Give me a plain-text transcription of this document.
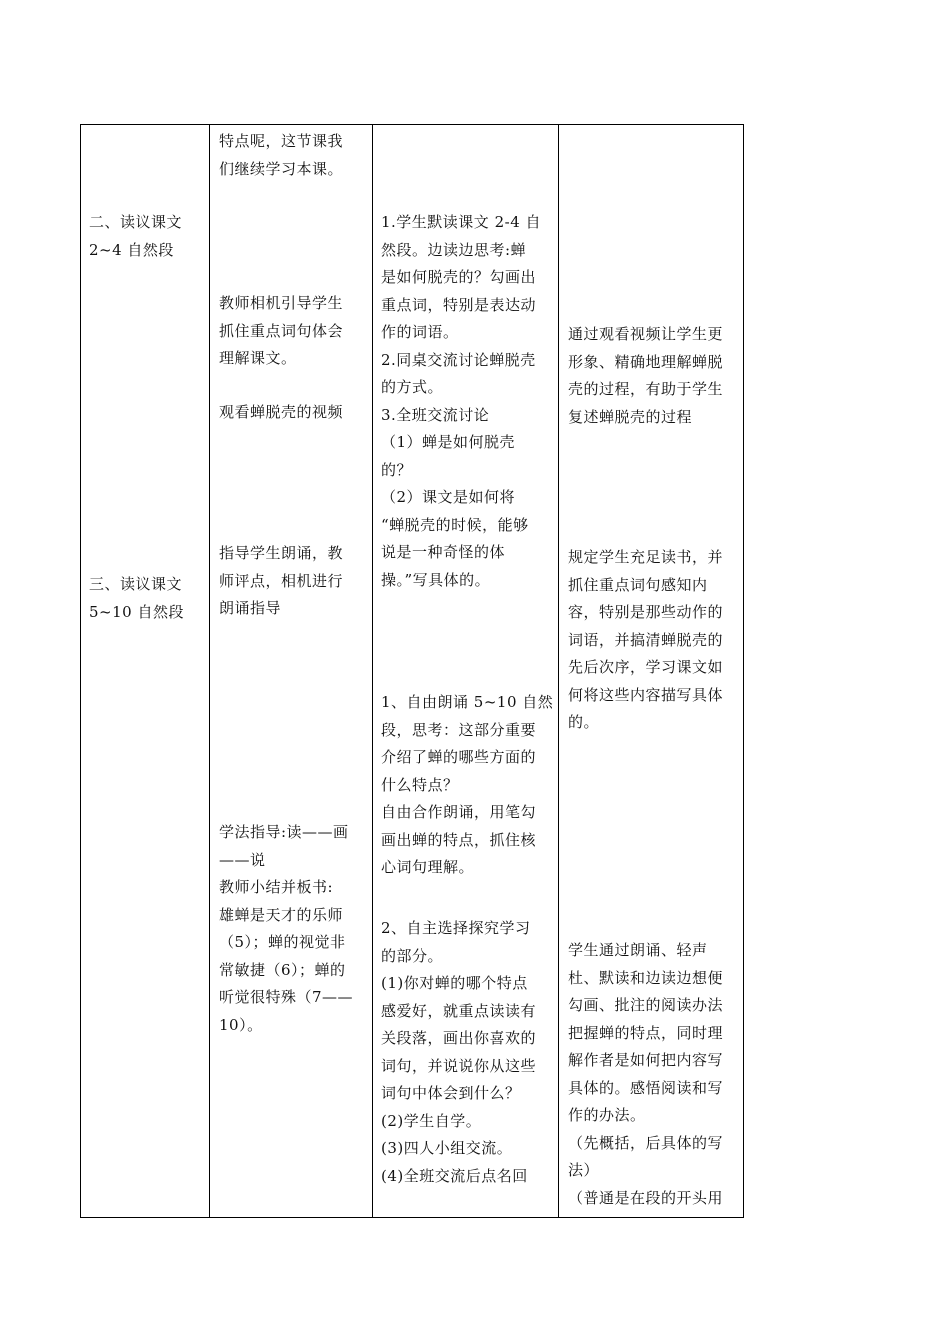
二、读议课文
2~4 自然段
三、读议课文
5~10 自然段
特点呢，这节课我
们继续学习本课。
教师相机引导学生
抓住重点词句体会
理解课文。
观看蝉脱壳的视频
指导学生朗诵，教
师评点，相机进行
朗诵指导
学法指导:读——画
——说
教师小结并板书:
雄蝉是天才的乐师
（5）；蝉的视觉非
常敏捷（6）；蝉的
听觉很特殊（7——
10）。
1.学生默读课文 2-4 自
然段。边读边思考:蝉
是如何脱壳的？勾画出
重点词，特别是表达动
作的词语。
2.同桌交流讨论蝉脱壳
的方式。
3.全班交流讨论
（1）蝉是如何脱壳
的？
（2）课文是如何将
“蝉脱壳的时候，能够
说是一种奇怪的体
操。”写具体的。
1、自由朗诵 5~10 自然
段，思考：这部分重要
介绍了蝉的哪些方面的
什么特点？
自由合作朗诵，用笔勾
画出蝉的特点，抓住核
心词句理解。
2、自主选择探究学习
的部分。
(1)你对蝉的哪个特点
感爱好，就重点读读有
关段落，画出你喜欢的
词句，并说说你从这些
词句中体会到什么？
(2)学生自学。
(3)四人小组交流。
(4)全班交流后点名回
通过观看视频让学生更
形象、精确地理解蝉脱
壳的过程，有助于学生
复述蝉脱壳的过程
规定学生充足读书，并
抓住重点词句感知内
容，特别是那些动作的
词语，并搞清蝉脱壳的
先后次序，学习课文如
何将这些内容描写具体
的。
学生通过朗诵、轻声
杜、默读和边读边想便
勾画、批注的阅读办法
把握蝉的特点，同时理
解作者是如何把内容写
具体的。感悟阅读和写
作的办法。
（先概括，后具体的写
法）
（普通是在段的开头用
